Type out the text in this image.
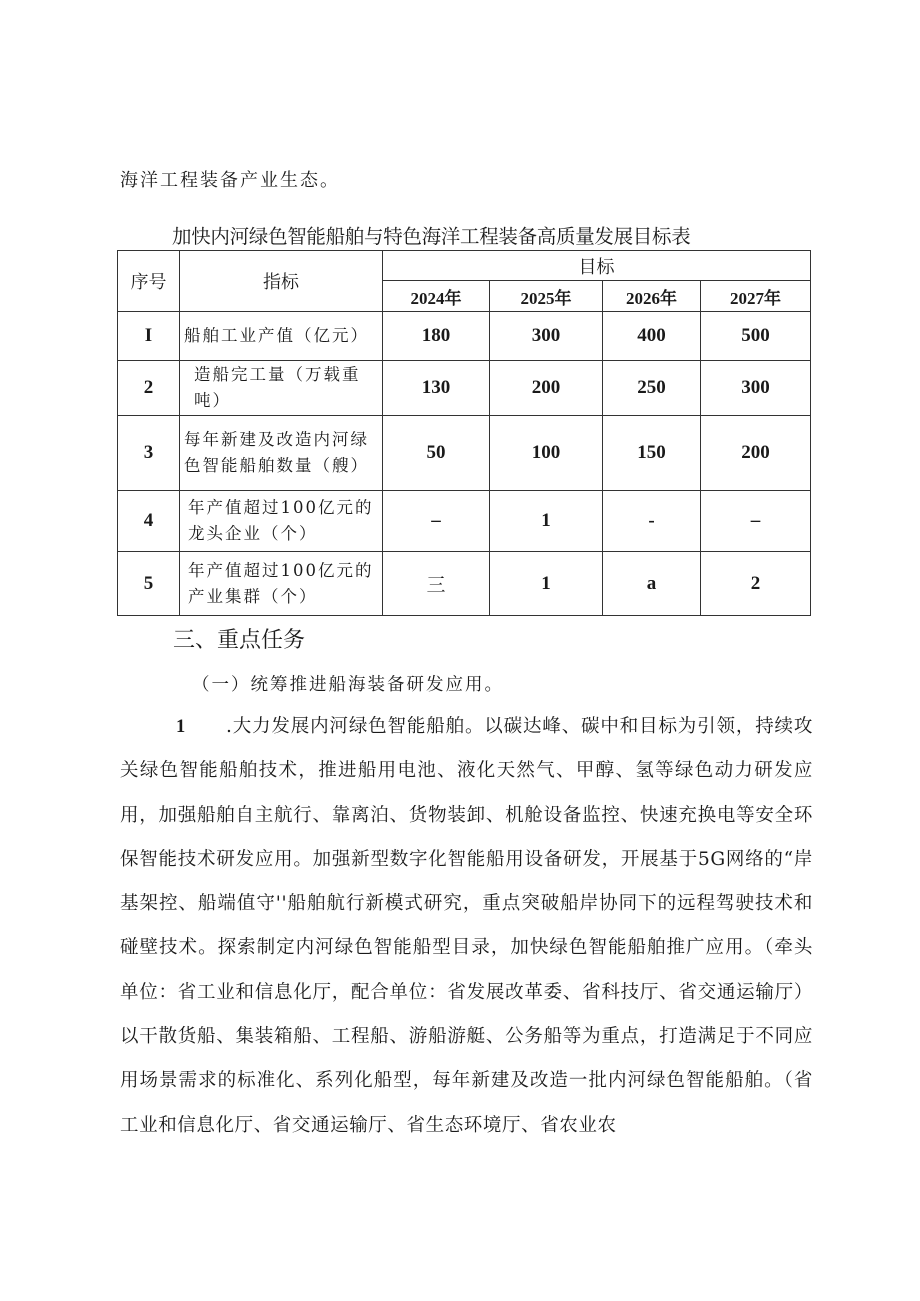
海洋工程装备产业生态。
加快内河绿色智能船舶与特色海洋工程装备高质量发展目标表
序号	指标	目标			
		2024年	2025年	2026年	2027年
I	船舶工业产值（亿元）	180	300	400	500
2	造船完工量（万载重吨）	130	200	250	300
3	每年新建及改造内河绿色智能船舶数量（艘）	50	100	150	200
4	年产值超过100亿元的龙头企业（个）	–	1	-	–
5	年产值超过100亿元的产业集群（个）	三	1	a	2
三、重点任务
（一）统筹推进船海装备研发应用。
1 .大力发展内河绿色智能船舶。以碳达峰、碳中和目标为引领，持续攻关绿色智能船舶技术，推进船用电池、液化天然气、甲醇、氢等绿色动力研发应用，加强船舶自主航行、靠离泊、货物装卸、机舱设备监控、快速充换电等安全环保智能技术研发应用。加强新型数字化智能船用设备研发，开展基于5G网络的“岸基架控、船端值守''船舶航行新模式研究，重点突破船岸协同下的远程驾驶技术和碰壁技术。探索制定内河绿色智能船型目录，加快绿色智能船舶推广应用。（牵头单位：省工业和信息化厅，配合单位：省发展改革委、省科技厅、省交通运输厅）以干散货船、集装箱船、工程船、游船游艇、公务船等为重点，打造满足于不同应用场景需求的标准化、系列化船型，每年新建及改造一批内河绿色智能船舶。（省工业和信息化厅、省交通运输厅、省生态环境厅、省农业农
